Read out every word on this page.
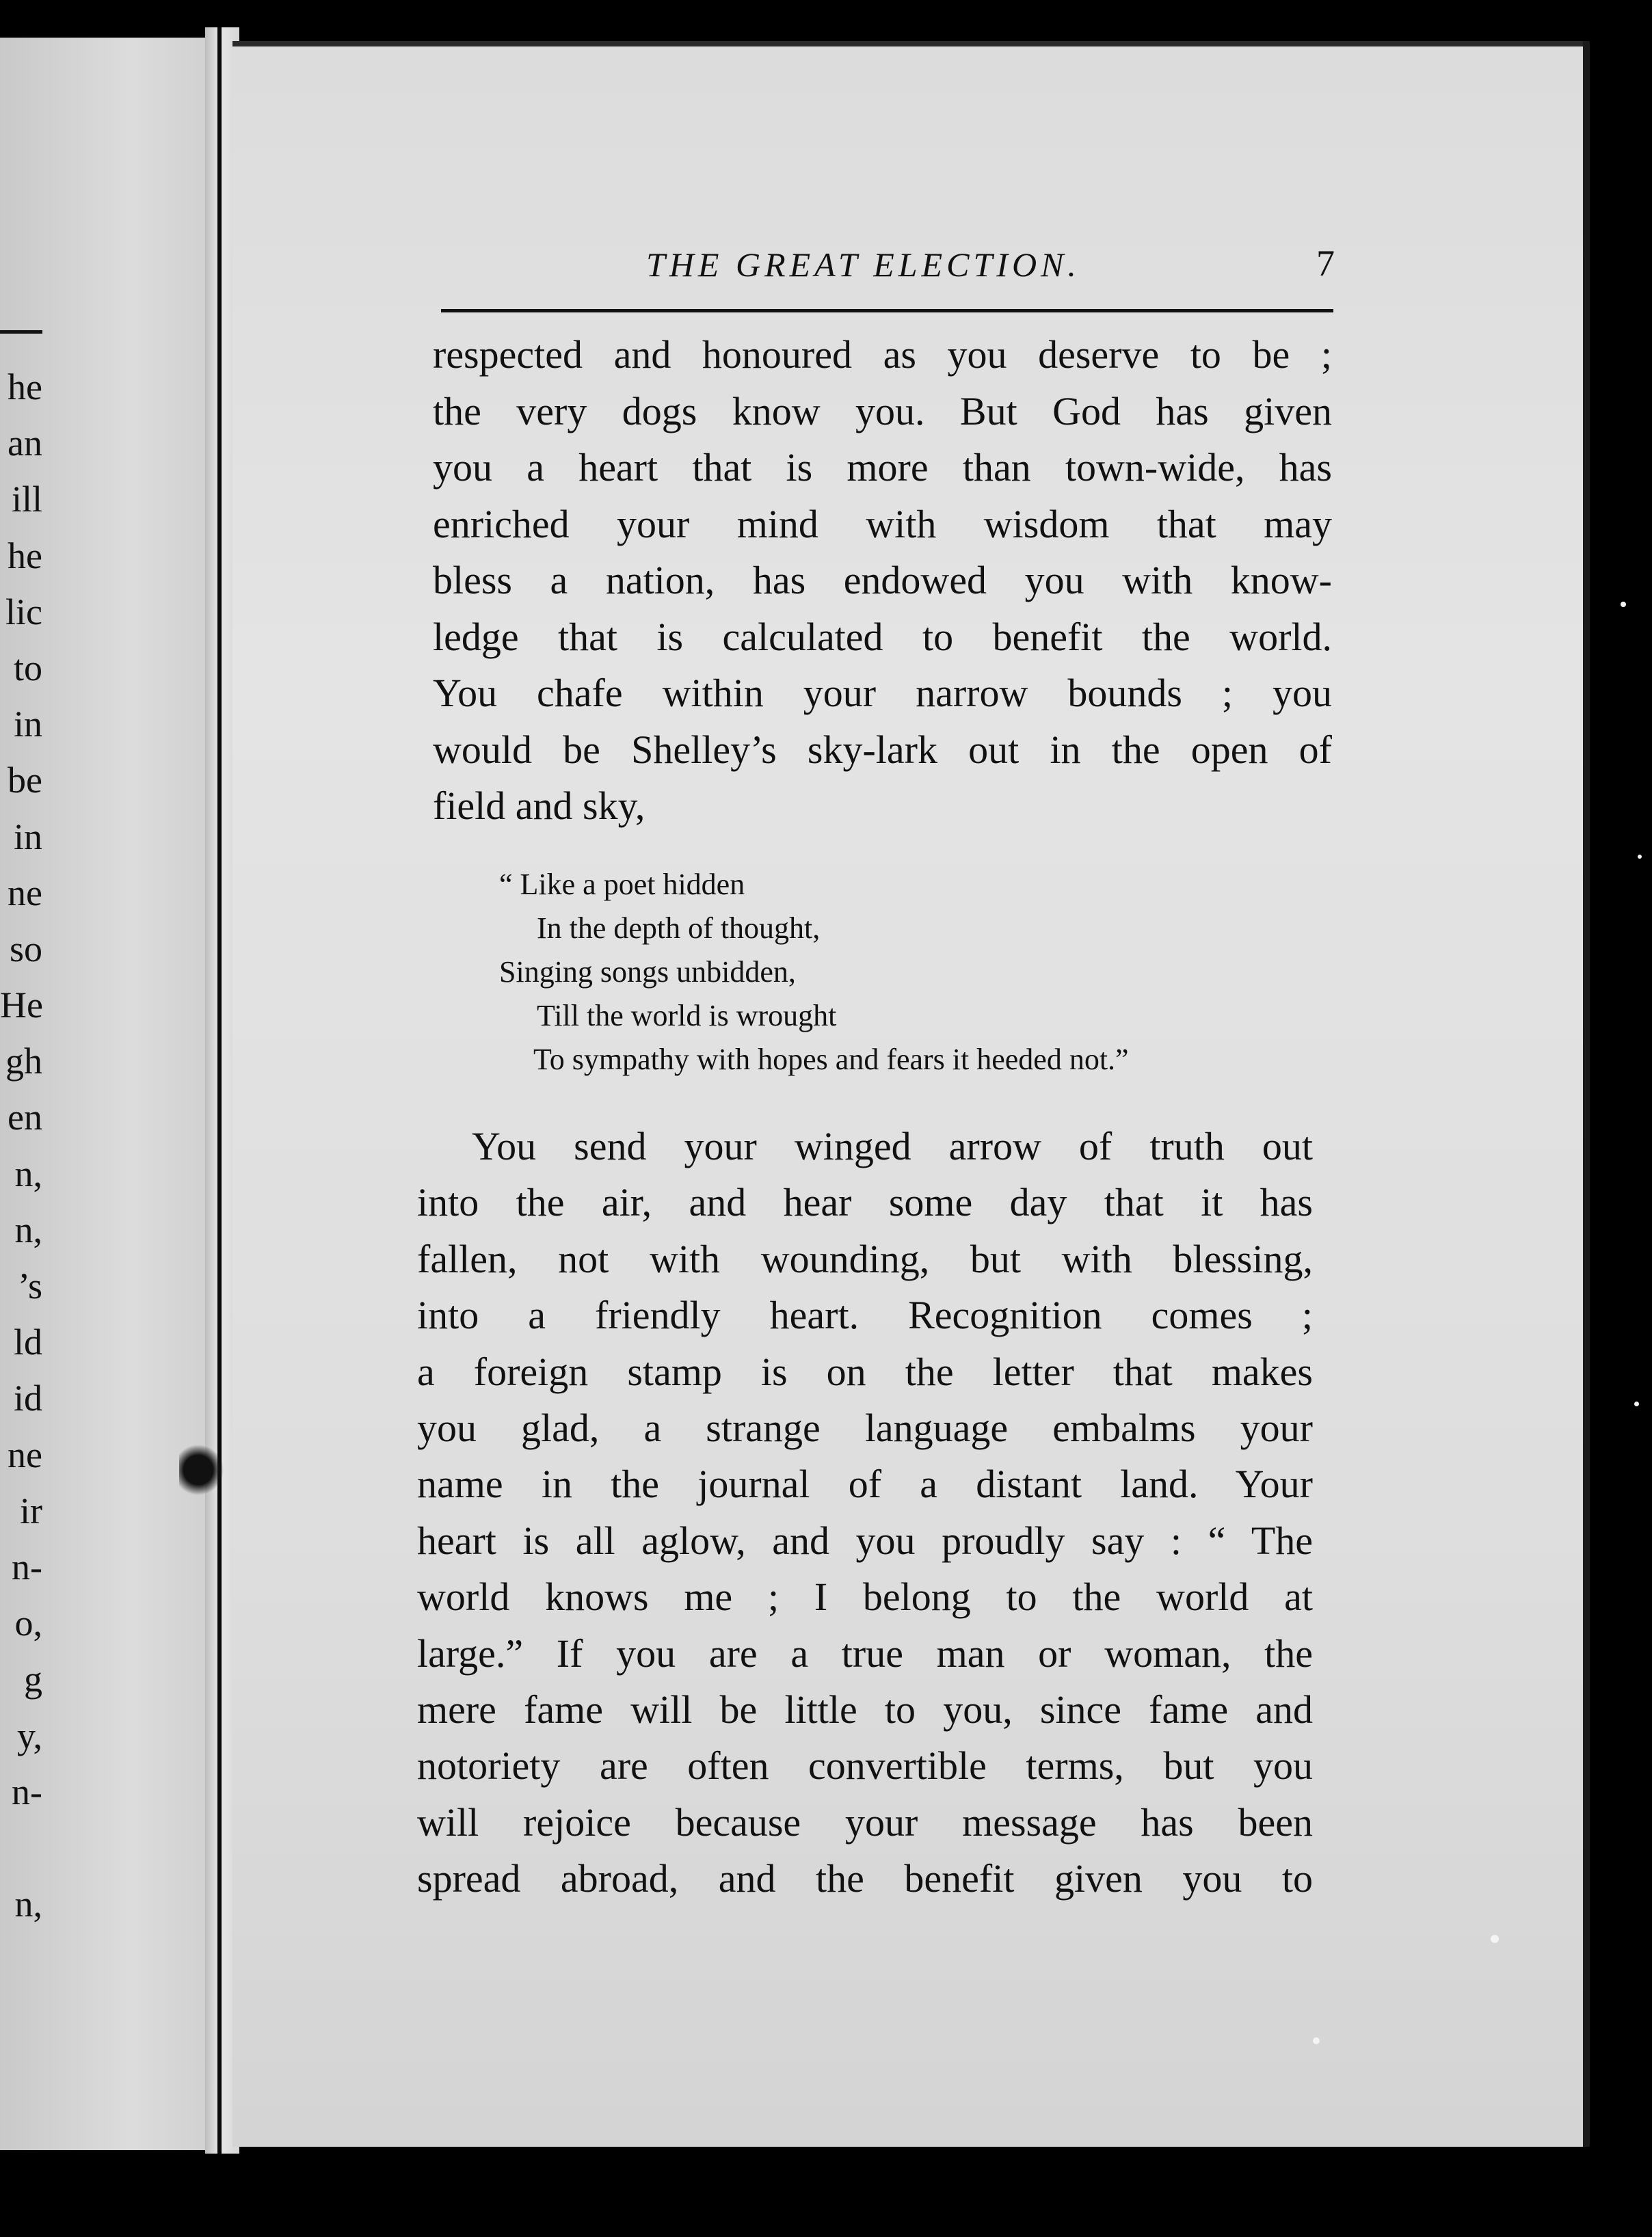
he
an
ill
he
lic
to
in
be
in
ne
so
He
gh
en
n,
n,
’s
ld
id
ne
ir
n-
o,
g
y,
n-
n,
THE GREAT ELECTION.	7
respected and honoured as you deserve to be ;
the very dogs know you. But God has given
you a heart that is more than town-wide, has
enriched your mind with wisdom that may
bless a nation, has endowed you with know-
ledge that is calculated to benefit the world.
You chafe within your narrow bounds ; you
would be Shelley’s sky-lark out in the open of
field and sky,
“ Like a poet hidden
In the depth of thought,
Singing songs unbidden,
Till the world is wrought
To sympathy with hopes and fears it heeded not.”
You send your winged arrow of truth out
into the air, and hear some day that it has
fallen, not with wounding, but with blessing,
into a friendly heart. Recognition comes ;
a foreign stamp is on the letter that makes
you glad, a strange language embalms your
name in the journal of a distant land. Your
heart is all aglow, and you proudly say : “ The
world knows me ; I belong to the world at
large.” If you are a true man or woman, the
mere fame will be little to you, since fame and
notoriety are often convertible terms, but you
will rejoice because your message has been
spread abroad, and the benefit given you to
